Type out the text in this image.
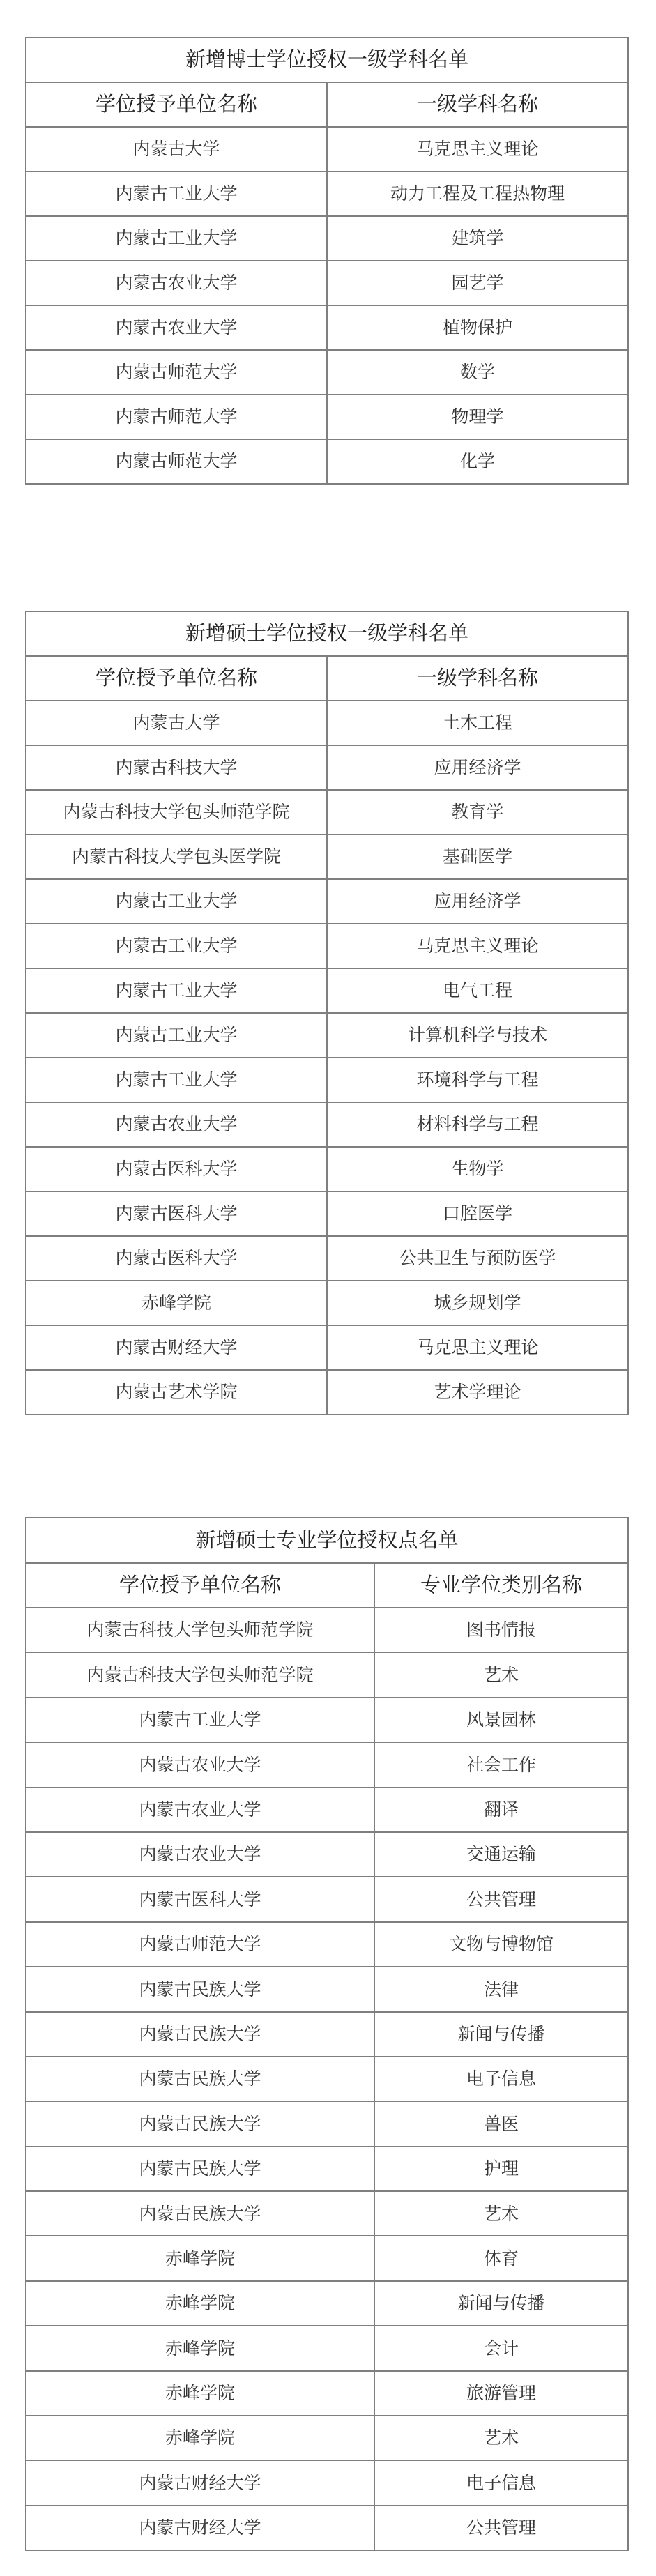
新增博士学位授权一级学科名单	
学位授予单位名称	一级学科名称
内蒙古大学	马克思主义理论
内蒙古工业大学	动力工程及工程热物理
内蒙古工业大学	建筑学
内蒙古农业大学	园艺学
内蒙古农业大学	植物保护
内蒙古师范大学	数学
内蒙古师范大学	物理学
内蒙古师范大学	化学
新增硕士学位授权一级学科名单	
学位授予单位名称	一级学科名称
内蒙古大学	土木工程
内蒙古科技大学	应用经济学
内蒙古科技大学包头师范学院	教育学
内蒙古科技大学包头医学院	基础医学
内蒙古工业大学	应用经济学
内蒙古工业大学	马克思主义理论
内蒙古工业大学	电气工程
内蒙古工业大学	计算机科学与技术
内蒙古工业大学	环境科学与工程
内蒙古农业大学	材料科学与工程
内蒙古医科大学	生物学
内蒙古医科大学	口腔医学
内蒙古医科大学	公共卫生与预防医学
赤峰学院	城乡规划学
内蒙古财经大学	马克思主义理论
内蒙古艺术学院	艺术学理论
新增硕士专业学位授权点名单	
学位授予单位名称	专业学位类别名称
内蒙古科技大学包头师范学院	图书情报
内蒙古科技大学包头师范学院	艺术
内蒙古工业大学	风景园林
内蒙古农业大学	社会工作
内蒙古农业大学	翻译
内蒙古农业大学	交通运输
内蒙古医科大学	公共管理
内蒙古师范大学	文物与博物馆
内蒙古民族大学	法律
内蒙古民族大学	新闻与传播
内蒙古民族大学	电子信息
内蒙古民族大学	兽医
内蒙古民族大学	护理
内蒙古民族大学	艺术
赤峰学院	体育
赤峰学院	新闻与传播
赤峰学院	会计
赤峰学院	旅游管理
赤峰学院	艺术
内蒙古财经大学	电子信息
内蒙古财经大学	公共管理
